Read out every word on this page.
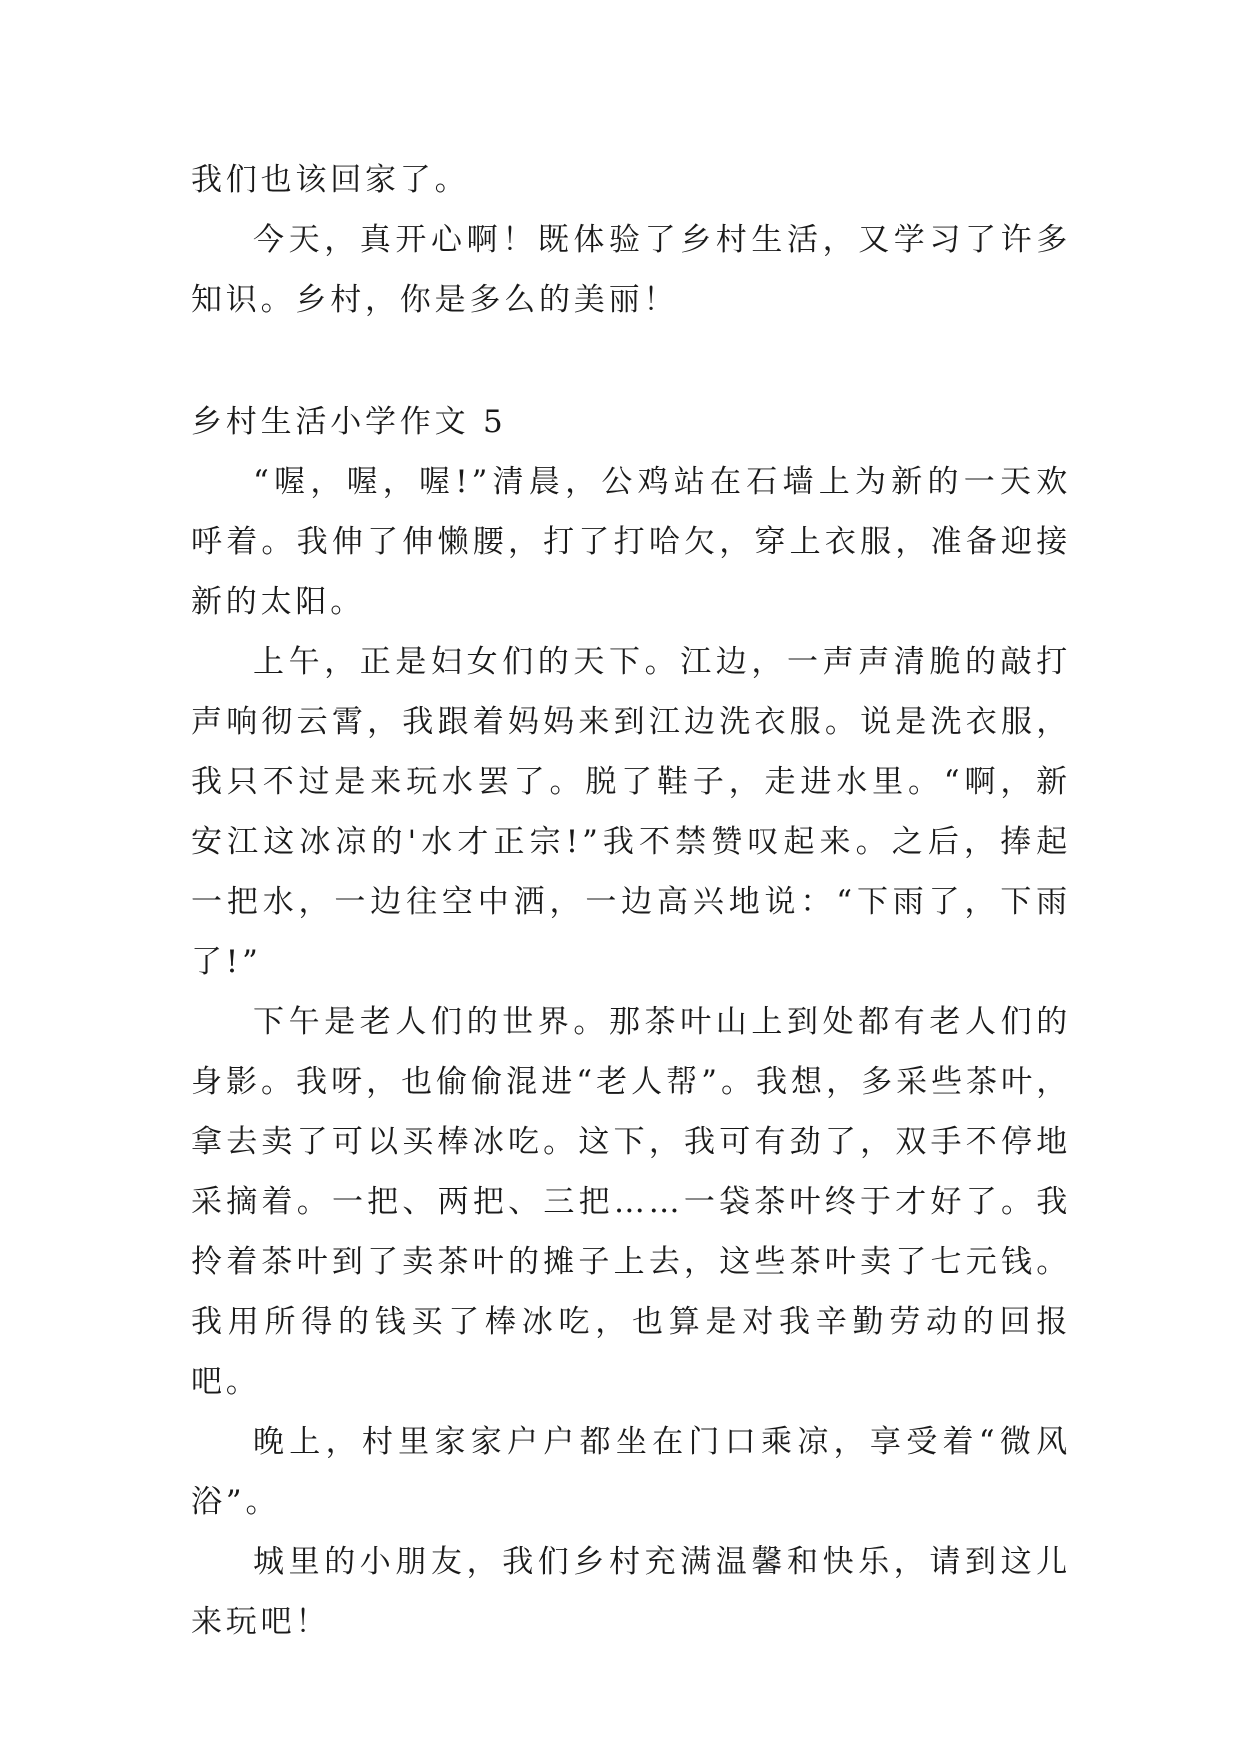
我们也该回家了。

今天，真开心啊！既体验了乡村生活，又学习了许多知识。乡村，你是多么的美丽！

乡村生活小学作文 5

“喔，喔，喔!”清晨，公鸡站在石墙上为新的一天欢呼着。我伸了伸懒腰，打了打哈欠，穿上衣服，准备迎接新的太阳。

上午，正是妇女们的天下。江边，一声声清脆的敲打声响彻云霄，我跟着妈妈来到江边洗衣服。说是洗衣服，我只不过是来玩水罢了。脱了鞋子，走进水里。“啊，新安江这冰凉的'水才正宗!”我不禁赞叹起来。之后，捧起一把水，一边往空中洒，一边高兴地说：“下雨了，下雨了!”

下午是老人们的世界。那茶叶山上到处都有老人们的身影。我呀，也偷偷混进“老人帮”。我想，多采些茶叶，拿去卖了可以买棒冰吃。这下，我可有劲了，双手不停地采摘着。一把、两把、三把……一袋茶叶终于才好了。我拎着茶叶到了卖茶叶的摊子上去，这些茶叶卖了七元钱。我用所得的钱买了棒冰吃，也算是对我辛勤劳动的回报吧。

晚上，村里家家户户都坐在门口乘凉，享受着“微风浴”。

城里的小朋友，我们乡村充满温馨和快乐，请到这儿来玩吧！
